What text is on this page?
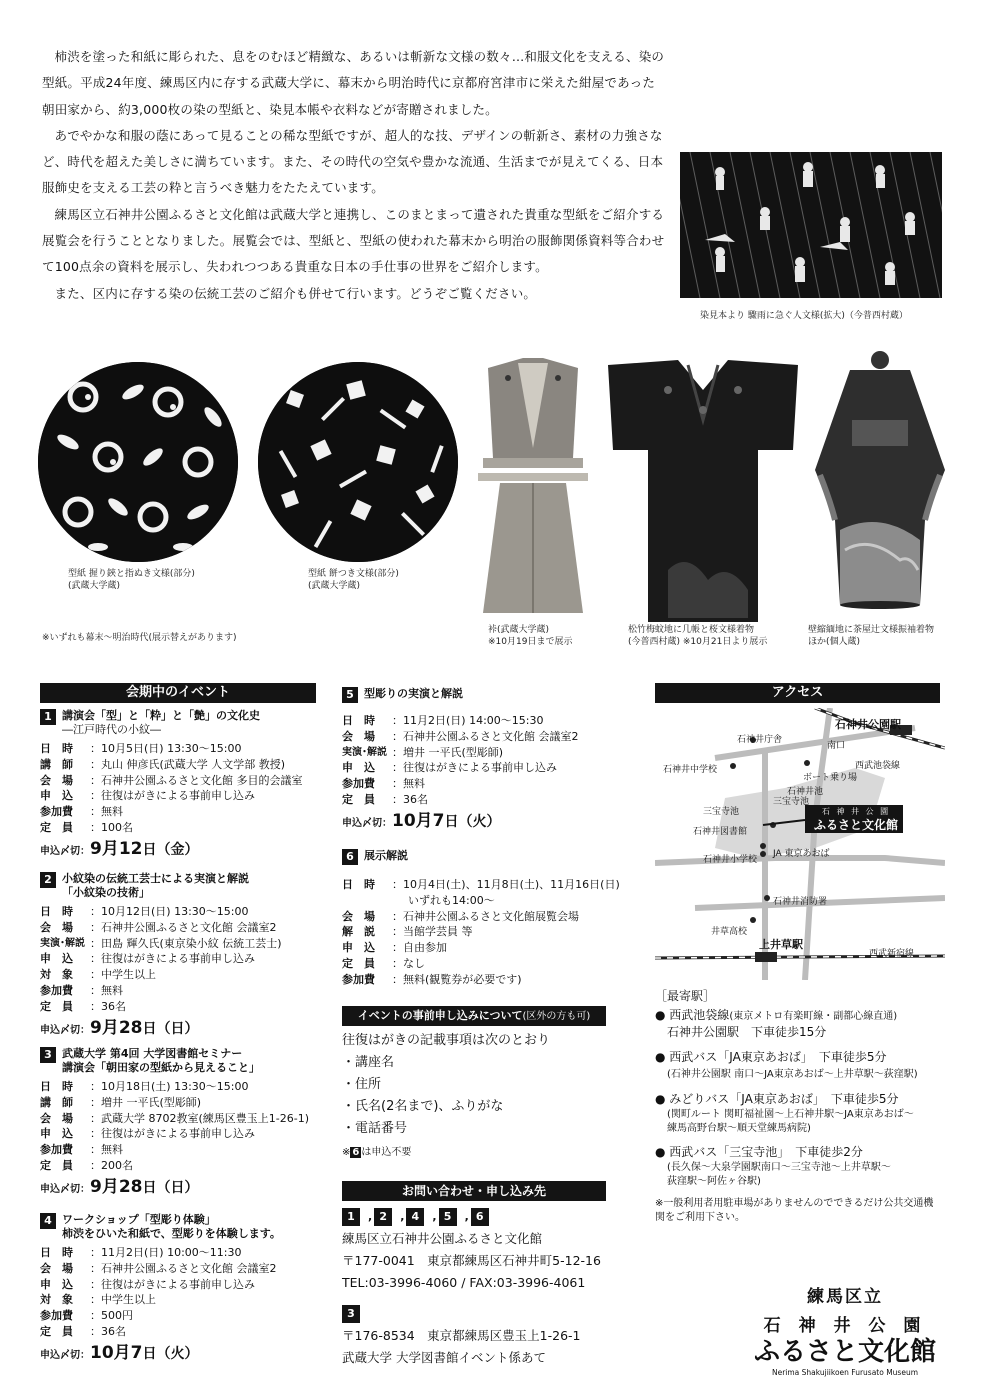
柿渋を塗った和紙に彫られた、息をのむほど精緻な、あるいは斬新な文様の数々…和服文化を支える、染の型紙。平成24年度、練馬区内に存する武蔵大学に、幕末から明治時代に京都府宮津市に栄えた紺屋であった朝田家から、約3,000枚の染の型紙と、染見本帳や衣料などが寄贈されました。

あでやかな和服の蔭にあって見ることの稀な型紙ですが、超人的な技、デザインの斬新さ、素材の力強さなど、時代を超えた美しさに満ちています。また、その時代の空気や豊かな流通、生活までが見えてくる、日本服飾史を支える工芸の粋と言うべき魅力をたたえています。

練馬区立石神井公園ふるさと文化館は武蔵大学と連携し、このまとまって遺された貴重な型紙をご紹介する展覧会を行うこととなりました。展覧会では、型紙と、型紙の使われた幕末から明治の服飾関係資料等合わせて100点余の資料を展示し、失われつつある貴重な日本の手仕事の世界をご紹介します。

また、区内に存する染の伝統工芸のご紹介も併せて行います。どうぞご覧ください。

染見本より 驟雨に急ぐ人文様(拡大)（今普西村蔵）
型紙 握り鋏と指ぬき文様(部分)
(武蔵大学蔵)
型紙 餅つき文様(部分)
(武蔵大学蔵)
※いずれも幕末～明治時代(展示替えがあります)
裃(武蔵大学蔵)
※10月19日まで展示
松竹梅蚊地に几帳と桜文様着物
(今普西村蔵) ※10月21日より展示
壁縮緬地に茶屋辻文様振袖着物
ほか(個人蔵)
会期中のイベント
1 講演会「型」と「粋」と「艶」の文化史
―江戸時代の小紋―
日　時	：10月5日(日) 13:30～15:00
講　師	：丸山 伸彦氏(武蔵大学 人文学部 教授)
会　場	：石神井公園ふるさと文化館 多目的会議室
申　込	：往復はがきによる事前申し込み
参加費	：無料
定　員	：100名
申込〆切：9月12日（金）
2 小紋染の伝統工芸士による実演と解説
「小紋染の技術」
日　時	：10月12日(日) 13:30～15:00
会　場	：石神井公園ふるさと文化館 会議室2
実演･解説 ：田島 輝久氏(東京染小紋 伝統工芸士)
申　込	：往復はがきによる事前申し込み
対　象	：中学生以上
参加費	：無料
定　員	：36名
申込〆切：9月28日（日）
3 武蔵大学 第4回 大学図書館セミナー
講演会「朝田家の型紙から見えること」
日　時	：10月18日(土) 13:30～15:00
講　師	：増井 一平氏(型彫師)
会　場	：武蔵大学 8702教室(練馬区豊玉上1-26-1)
申　込	：往復はがきによる事前申し込み
参加費	：無料
定　員	：200名
申込〆切：9月28日（日）
4 ワークショップ「型彫り体験」
柿渋をひいた和紙で、型彫りを体験します。
日　時	：11月2日(日) 10:00～11:30
会　場	：石神井公園ふるさと文化館 会議室2
申　込	：往復はがきによる事前申し込み
対　象	：中学生以上
参加費	：500円
定　員	：36名
申込〆切：10月7日（火）
5 型彫りの実演と解説
日　時	：11月2日(日) 14:00～15:30
会　場	：石神井公園ふるさと文化館 会議室2
実演･解説 ：増井 一平氏(型彫師)
申　込	：往復はがきによる事前申し込み
参加費	：無料
定　員	：36名
申込〆切：10月7日（火）
6 展示解説
日　時	：10月4日(土)、11月8日(土)、11月16日(日)
いずれも14:00～
会　場	：石神井公園ふるさと文化館展覧会場
解　説	：当館学芸員 等
申　込	：自由参加
定　員	：なし
参加費	：無料(観覧券が必要です)
イベントの事前申し込みについて(区外の方も可)
往復はがきの記載事項は次のとおり
・講座名
・住所
・氏名(2名まで)、ふりがな
・電話番号
※ 6 は申込不要
お問い合わせ・申し込み先
1	, 2	, 4	, 5	, 6
練馬区立石神井公園ふるさと文化館
〒177-0041　東京都練馬区石神井町5-12-16
TEL:03-3996-4060 / FAX:03-3996-4061
3
〒176-8534　東京都練馬区豊玉上1-26-1
武蔵大学 大学図書館イベント係あて
アクセス
石神井公園駅
石神井庁舎
南口
石神井中学校	西武池袋線
ボート乗り場
三宝寺池
石神井池
三宝寺池
石神井図書館
石 神 井 公 園
ふるさと文化館
石神井小学校
JA 東京あおば
石神井消防署
井草高校
上井草駅
西武新宿線
［最寄駅］
● 西武池袋線(東京メトロ有楽町線・副都心線直通)
石神井公園駅　下車徒歩15分
● 西武バス「JA東京あおば」　下車徒歩5分
(石神井公園駅 南口～JA東京あおば～上井草駅～荻窪駅)
● みどりバス「JA東京あおば」　下車徒歩5分
(関町ルート 関町福祉園～上石神井駅～JA東京あおば～
練馬高野台駅～順天堂練馬病院)
● 西武バス「三宝寺池」　下車徒歩2分
(長久保～大泉学園駅南口～三宝寺池～上井草駅～
荻窪駅～阿佐ヶ谷駅)
※一般利用者用駐車場がありませんのでできるだけ公共交通機関をご利用下さい。
練馬区立
石 神 井 公 園
ふるさと文化館
Nerima Shakujiikoen Furusato Museum
